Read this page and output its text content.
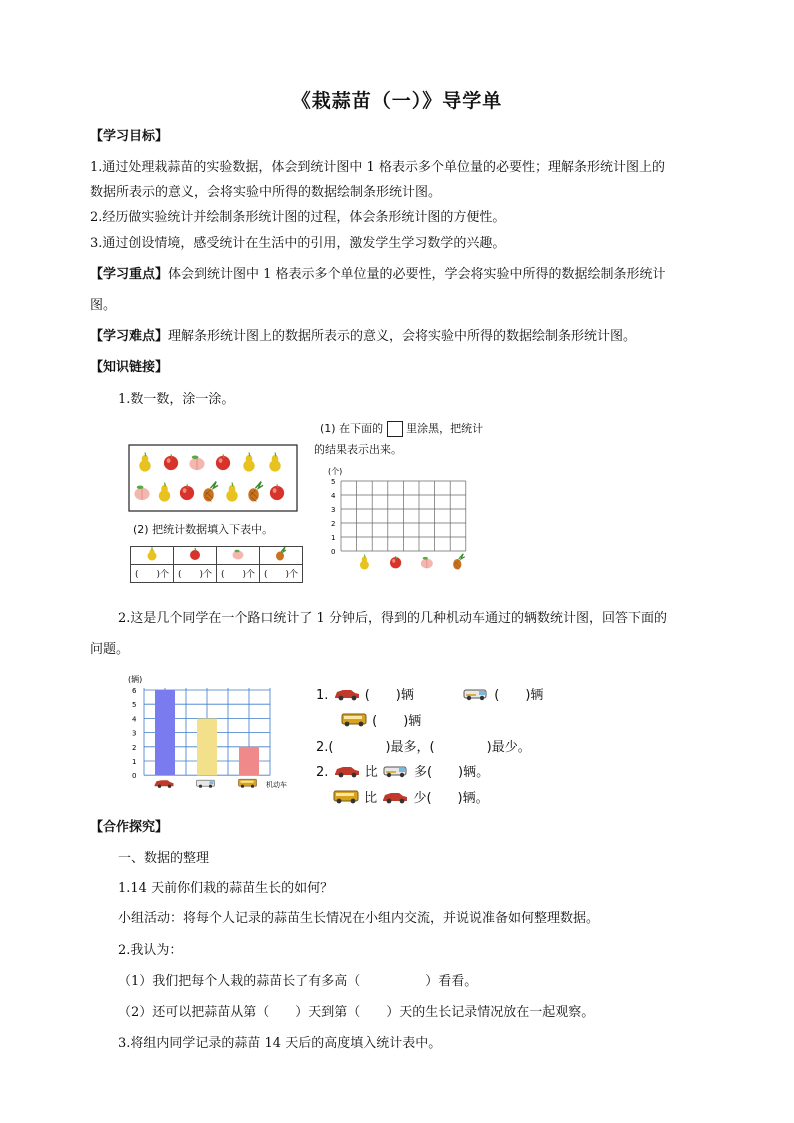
《栽蒜苗（一）》导学单
【学习目标】
1.通过处理栽蒜苗的实验数据，体会到统计图中 1 格表示多个单位量的必要性；理解条形统计图上的
数据所表示的意义，会将实验中所得的数据绘制条形统计图。
2.经历做实验统计并绘制条形统计图的过程，体会条形统计图的方便性。
3.通过创设情境，感受统计在生活中的引用，激发学生学习数学的兴趣。
【学习重点】体会到统计图中 1 格表示多个单位量的必要性，学会将实验中所得的数据绘制条形统计
图。
【学习难点】理解条形统计图上的数据所表示的意义，会将实验中所得的数据绘制条形统计图。
【知识链接】
1.数一数，涂一涂。
(1) 在下面的 里涂黑，把统计
的结果表示出来。
(个)
5
4
3
2
1
0
(2) 把统计数据填入下表中。

(　　)个	(　　)个	(　　)个	(　　)个
2.这是几个同学在一个路口统计了 1 分钟后，得到的几种机动车通过的辆数统计图，回答下面的
问题。
(辆)
6
5
4
3
2
1
0
机动车
1.	(　　)辆	(　　)辆
(　　)辆
2.(　　　　)最多，(　　　　)最少。
2.	比	多(　　)辆。
比	少(　　)辆。
【合作探究】
一、数据的整理
1.14 天前你们栽的蒜苗生长的如何？
小组活动：将每个人记录的蒜苗生长情况在小组内交流，并说说准备如何整理数据。
2.我认为：
（1）我们把每个人栽的蒜苗长了有多高（　　　　　）看看。
（2）还可以把蒜苗从第（　　）天到第（　　）天的生长记录情况放在一起观察。
3.将组内同学记录的蒜苗 14 天后的高度填入统计表中。
